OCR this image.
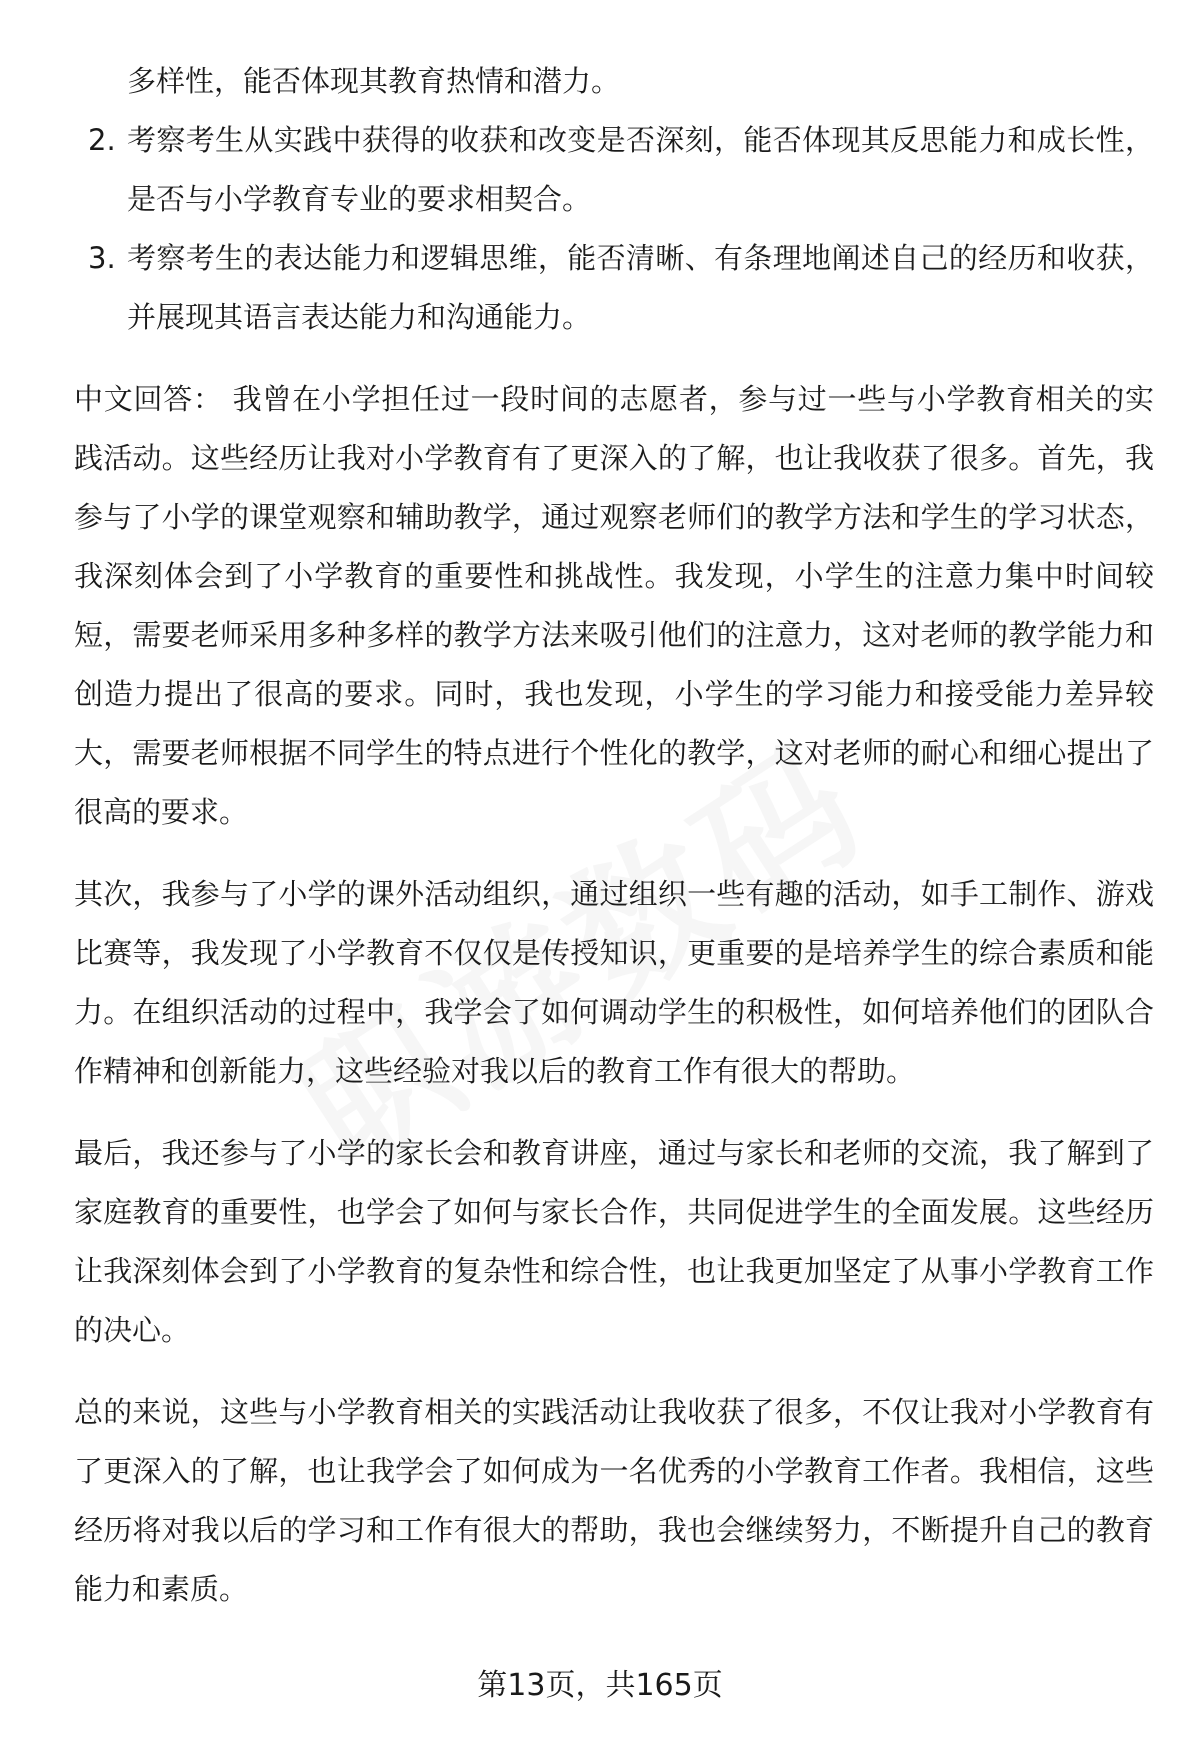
多样性，能否体现其教育热情和潜力。

2. 考察考生从实践中获得的收获和改变是否深刻，能否体现其反思能力和成长性，是否与小学教育专业的要求相契合。

3. 考察考生的表达能力和逻辑思维，能否清晰、有条理地阐述自己的经历和收获，并展现其语言表达能力和沟通能力。

中文回答： 我曾在小学担任过一段时间的志愿者，参与过一些与小学教育相关的实践活动。这些经历让我对小学教育有了更深入的了解，也让我收获了很多。首先，我参与了小学的课堂观察和辅助教学，通过观察老师们的教学方法和学生的学习状态，我深刻体会到了小学教育的重要性和挑战性。我发现，小学生的注意力集中时间较短，需要老师采用多种多样的教学方法来吸引他们的注意力，这对老师的教学能力和创造力提出了很高的要求。同时，我也发现，小学生的学习能力和接受能力差异较大，需要老师根据不同学生的特点进行个性化的教学，这对老师的耐心和细心提出了很高的要求。

其次，我参与了小学的课外活动组织，通过组织一些有趣的活动，如手工制作、游戏比赛等，我发现了小学教育不仅仅是传授知识，更重要的是培养学生的综合素质和能力。在组织活动的过程中，我学会了如何调动学生的积极性，如何培养他们的团队合作精神和创新能力，这些经验对我以后的教育工作有很大的帮助。

最后，我还参与了小学的家长会和教育讲座，通过与家长和老师的交流，我了解到了家庭教育的重要性，也学会了如何与家长合作，共同促进学生的全面发展。这些经历让我深刻体会到了小学教育的复杂性和综合性，也让我更加坚定了从事小学教育工作的决心。

总的来说，这些与小学教育相关的实践活动让我收获了很多，不仅让我对小学教育有了更深入的了解，也让我学会了如何成为一名优秀的小学教育工作者。我相信，这些经历将对我以后的学习和工作有很大的帮助，我也会继续努力，不断提升自己的教育能力和素质。

第13页，共165页
